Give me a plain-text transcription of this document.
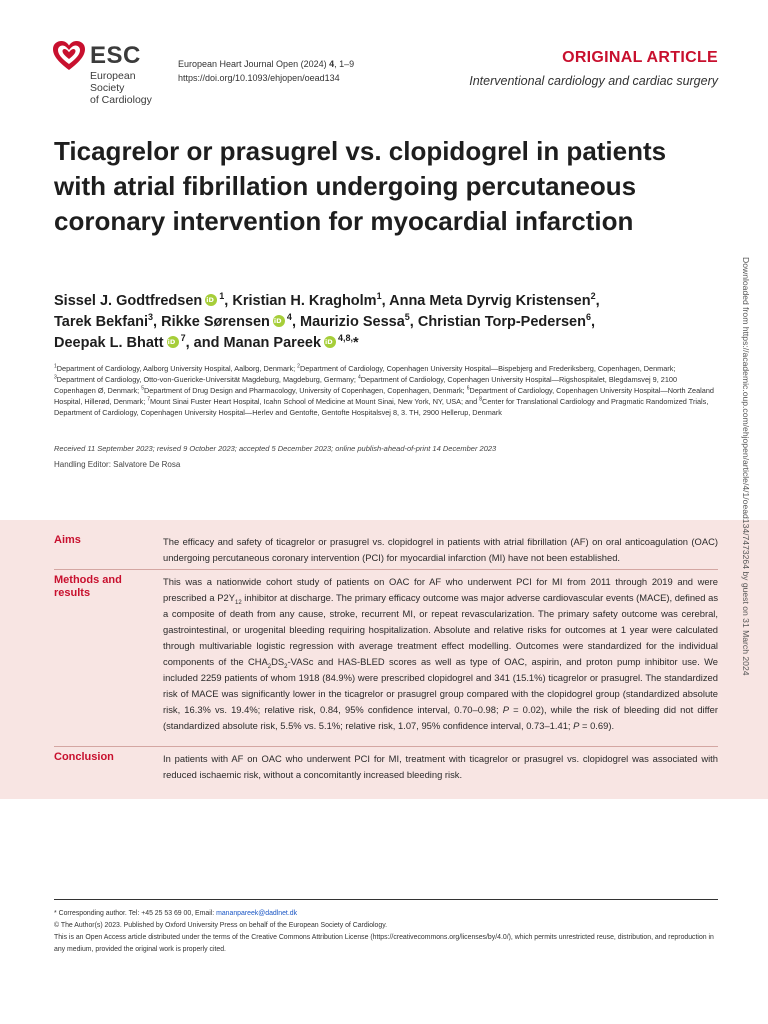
ESC
European Society
of Cardiology
European Heart Journal Open (2024) 4, 1–9
https://doi.org/10.1093/ehjopen/oead134
ORIGINAL ARTICLE
Interventional cardiology and cardiac surgery
Ticagrelor or prasugrel vs. clopidogrel in patients with atrial fibrillation undergoing percutaneous coronary intervention for myocardial infarction
Sissel J. Godtfredsen iD $^1$, Kristian H. Kragholm$^1$, Anna Meta Dyrvig Kristensen$^2$,
Tarek Bekfani$^3$, Rikke Sørensen iD $^4$, Maurizio Sessa$^5$, Christian Torp-Pedersen$^6$,
Deepak L. Bhatt iD $^7$, and Manan Pareek iD $^{4,8,}$*
$^1$Department of Cardiology, Aalborg University Hospital, Aalborg, Denmark; $^2$Department of Cardiology, Copenhagen University Hospital—Bispebjerg and Frederiksberg, Copenhagen, Denmark; $^3$Department of Cardiology, Otto-von-Guericke-Universität Magdeburg, Magdeburg, Germany; $^4$Department of Cardiology, Copenhagen University Hospital—Rigshospitalet, Blegdamsvej 9, 2100 Copenhagen Ø, Denmark; $^5$Department of Drug Design and Pharmacology, University of Copenhagen, Copenhagen, Denmark; $^6$Department of Cardiology, Copenhagen University Hospital—North Zealand Hospital, Hillerød, Denmark; $^7$Mount Sinai Fuster Heart Hospital, Icahn School of Medicine at Mount Sinai, New York, NY, USA; and $^8$Center for Translational Cardiology and Pragmatic Randomized Trials, Department of Cardiology, Copenhagen University Hospital—Herlev and Gentofte, Gentofte Hospitalsvej 8, 3. TH, 2900 Hellerup, Denmark
Received 11 September 2023; revised 9 October 2023; accepted 5 December 2023; online publish-ahead-of-print 14 December 2023
Handling Editor: Salvatore De Rosa
Aims	The efficacy and safety of ticagrelor or prasugrel vs. clopidogrel in patients with atrial fibrillation (AF) on oral anticoagulation (OAC) undergoing percutaneous coronary intervention (PCI) for myocardial infarction (MI) have not been established.
Methods and results
This was a nationwide cohort study of patients on OAC for AF who underwent PCI for MI from 2011 through 2019 and were prescribed a $P2Y_{12}$ inhibitor at discharge. The primary efficacy outcome was major adverse cardiovascular events (MACE), defined as a composite of death from any cause, stroke, recurrent MI, or repeat revascularization. The primary safety outcome was cerebral, gastrointestinal, or urogenital bleeding requiring hospitalization. Absolute and relative risks for outcomes at 1 year were calculated through multivariable logistic regression with average treatment effect modelling. Outcomes were standardized for the individual components of the $CHA_2DS_2$-VASc and HAS-BLED scores as well as type of OAC, aspirin, and proton pump inhibitor use. We included 2259 patients of whom 1918 (84.9%) were prescribed clopidogrel and 341 (15.1%) ticagrelor or prasugrel. The standardized risk of MACE was significantly lower in the ticagrelor or prasugrel group compared with the clopidogrel group (standardized absolute risk, 16.3% vs. 19.4%; relative risk, 0.84, 95% confidence interval, 0.70–0.98; P = 0.02), while the risk of bleeding did not differ (standardized absolute risk, 5.5% vs. 5.1%; relative risk, 1.07, 95% confidence interval, 0.73–1.41; P = 0.69).
Conclusion	In patients with AF on OAC who underwent PCI for MI, treatment with ticagrelor or prasugrel vs. clopidogrel was associated with reduced ischaemic risk, without a concomitantly increased bleeding risk.
Downloaded from https://academic.oup.com/ehjopen/article/4/1/oead134/7473264 by guest on 31 March 2024
* Corresponding author. Tel: +45 25 53 69 00, Email: mananpareek@dadlnet.dk
© The Author(s) 2023. Published by Oxford University Press on behalf of the European Society of Cardiology.
This is an Open Access article distributed under the terms of the Creative Commons Attribution License (https://creativecommons.org/licenses/by/4.0/), which permits unrestricted reuse, distribution, and reproduction in any medium, provided the original work is properly cited.
